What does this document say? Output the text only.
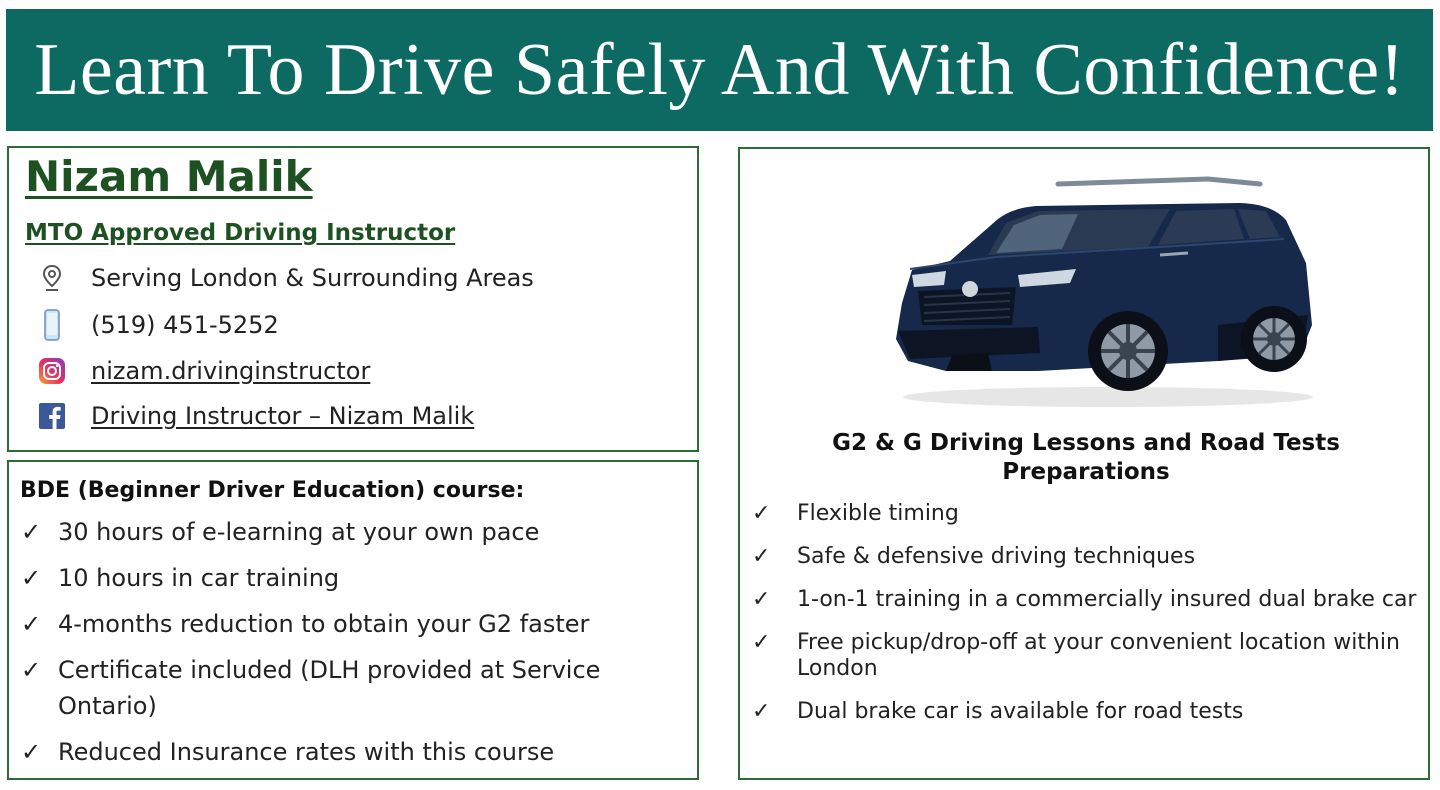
Learn To Drive Safely And With Confidence!
Nizam Malik
MTO Approved Driving Instructor
Serving London & Surrounding Areas
(519) 451-5252
nizam.drivinginstructor
Driving Instructor – Nizam Malik
BDE (Beginner Driver Education) course:
✓ 30 hours of e-learning at your own pace
✓ 10 hours in car training
✓ 4-months reduction to obtain your G2 faster
✓ Certificate included (DLH provided at Service Ontario)
✓ Reduced Insurance rates with this course
G2 & G Driving Lessons and Road Tests Preparations
✓ Flexible timing
✓ Safe & defensive driving techniques
✓ 1-on-1 training in a commercially insured dual brake car
✓ Free pickup/drop-off at your convenient location within London
✓ Dual brake car is available for road tests
